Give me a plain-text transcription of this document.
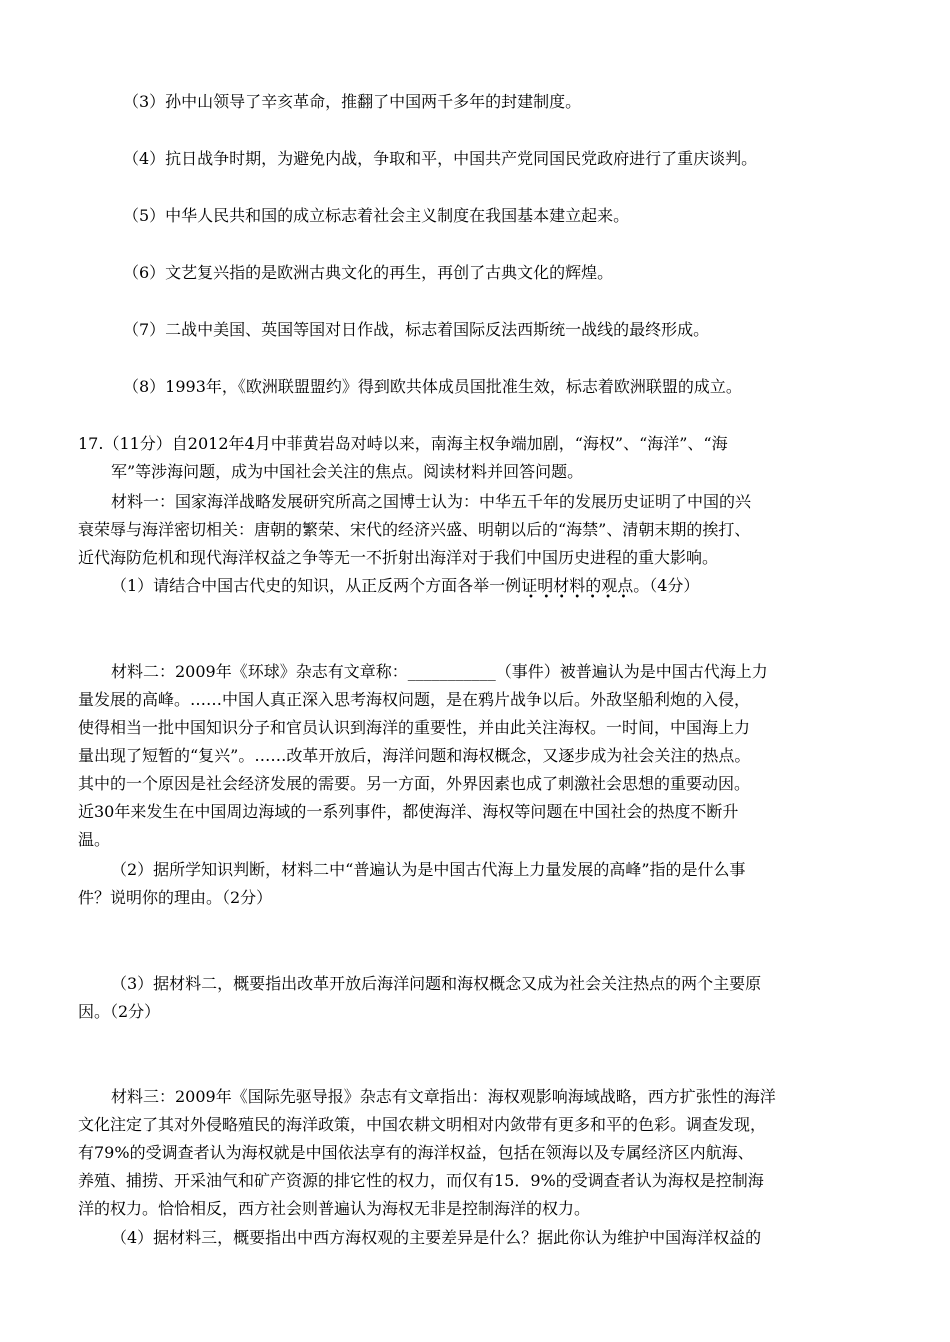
（3）孙中山领导了辛亥革命，推翻了中国两千多年的封建制度。
（4）抗日战争时期，为避免内战，争取和平，中国共产党同国民党政府进行了重庆谈判。
（5）中华人民共和国的成立标志着社会主义制度在我国基本建立起来。
（6）文艺复兴指的是欧洲古典文化的再生，再创了古典文化的辉煌。
（7）二战中美国、英国等国对日作战，标志着国际反法西斯统一战线的最终形成。
（8）1993年，《欧洲联盟盟约》得到欧共体成员国批准生效，标志着欧洲联盟的成立。
17.（11分）自2012年4月中菲黄岩岛对峙以来，南海主权争端加剧，“海权”、“海洋”、“海
军”等涉海问题，成为中国社会关注的焦点。阅读材料并回答问题。
材料一：国家海洋战略发展研究所高之国博士认为：中华五千年的发展历史证明了中国的兴
衰荣辱与海洋密切相关：唐朝的繁荣、宋代的经济兴盛、明朝以后的“海禁”、清朝末期的挨打、
近代海防危机和现代海洋权益之争等无一不折射出海洋对于我们中国历史进程的重大影响。
（1）请结合中国古代史的知识，从正反两个方面各举一例证明材料的观点
•   •   •   •   •   •   •
。（4分）
材料二：2009年《环球》杂志有文章称：___________（事件）被普遍认为是中国古代海上力
量发展的高峰。……中国人真正深入思考海权问题，是在鸦片战争以后。外敌坚船利炮的入侵，
使得相当一批中国知识分子和官员认识到海洋的重要性，并由此关注海权。一时间，中国海上力
量出现了短暂的“复兴”。……改革开放后，海洋问题和海权概念，又逐步成为社会关注的热点。
其中的一个原因是社会经济发展的需要。另一方面，外界因素也成了刺激社会思想的重要动因。
近30年来发生在中国周边海域的一系列事件，都使海洋、海权等问题在中国社会的热度不断升
温。
（2）据所学知识判断，材料二中“普遍认为是中国古代海上力量发展的高峰”指的是什么事
件？说明你的理由。（2分）
（3）据材料二，概要指出改革开放后海洋问题和海权概念又成为社会关注热点的两个主要原
因。（2分）
材料三：2009年《国际先驱导报》杂志有文章指出：海权观影响海域战略，西方扩张性的海洋
文化注定了其对外侵略殖民的海洋政策，中国农耕文明相对内敛带有更多和平的色彩。调查发现，
有79%的受调查者认为海权就是中国依法享有的海洋权益，包括在领海以及专属经济区内航海、
养殖、捕捞、开采油气和矿产资源的排它性的权力，而仅有15．9%的受调查者认为海权是控制海
洋的权力。恰恰相反，西方社会则普遍认为海权无非是控制海洋的权力。
（4）据材料三，概要指出中西方海权观的主要差异是什么？据此你认为维护中国海洋权益的
